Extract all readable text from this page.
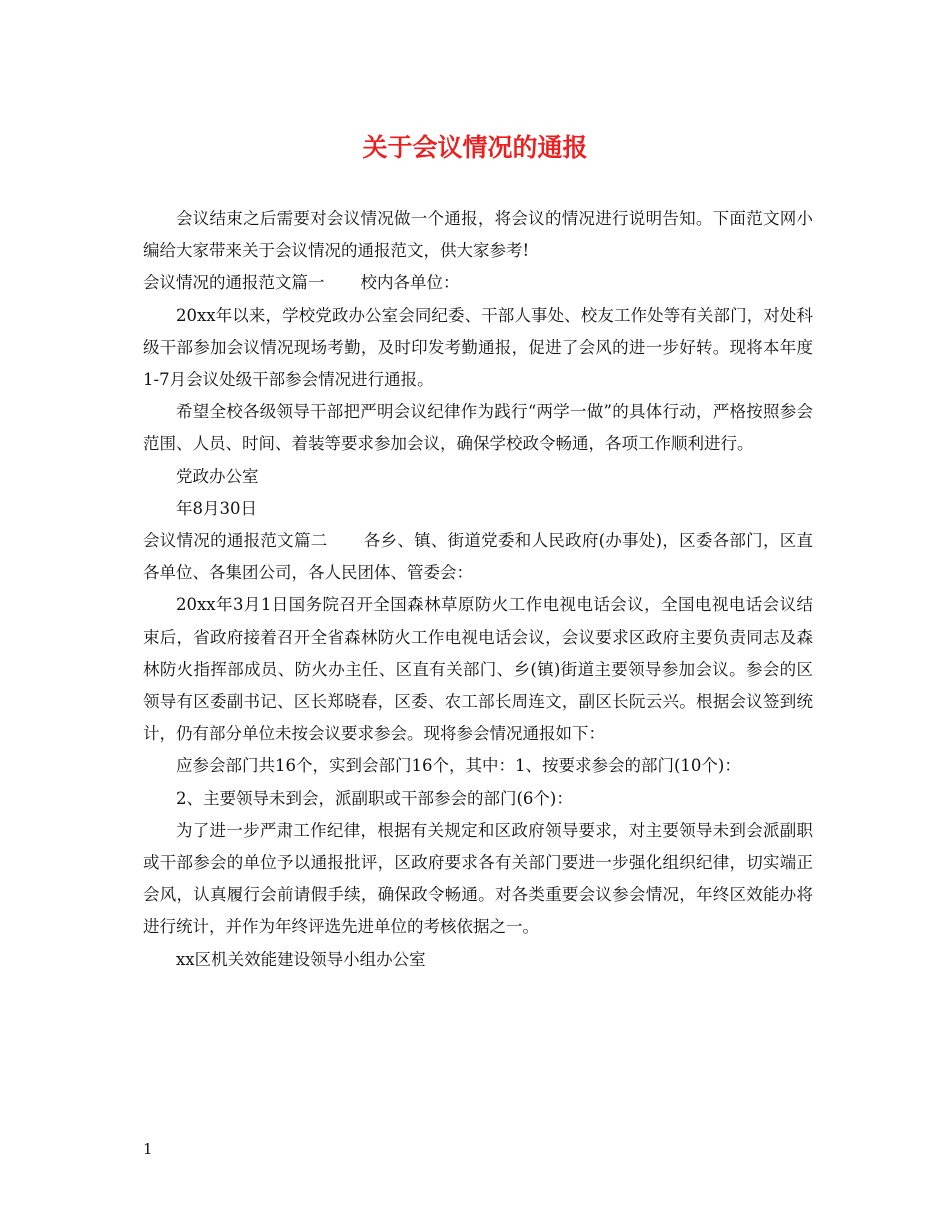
关于会议情况的通报

会议结束之后需要对会议情况做一个通报，将会议的情况进行说明告知。下面范文网小编给大家带来关于会议情况的通报范文，供大家参考!

会议情况的通报范文篇一 校内各单位：

20xx年以来，学校党政办公室会同纪委、干部人事处、校友工作处等有关部门，对处科级干部参加会议情况现场考勤，及时印发考勤通报，促进了会风的进一步好转。现将本年度1-7月会议处级干部参会情况进行通报。

希望全校各级领导干部把严明会议纪律作为践行“两学一做”的具体行动，严格按照参会范围、人员、时间、着装等要求参加会议，确保学校政令畅通，各项工作顺利进行。

党政办公室

年8月30日

会议情况的通报范文篇二 各乡、镇、街道党委和人民政府(办事处)，区委各部门，区直各单位、各集团公司，各人民团体、管委会：

20xx年3月1日国务院召开全国森林草原防火工作电视电话会议，全国电视电话会议结束后，省政府接着召开全省森林防火工作电视电话会议，会议要求区政府主要负责同志及森林防火指挥部成员、防火办主任、区直有关部门、乡(镇)街道主要领导参加会议。参会的区领导有区委副书记、区长郑晓春，区委、农工部长周连文，副区长阮云兴。根据会议签到统计，仍有部分单位未按会议要求参会。现将参会情况通报如下：

应参会部门共16个，实到会部门16个，其中：1、按要求参会的部门(10个)：

2、主要领导未到会，派副职或干部参会的部门(6个)：

为了进一步严肃工作纪律，根据有关规定和区政府领导要求，对主要领导未到会派副职或干部参会的单位予以通报批评，区政府要求各有关部门要进一步强化组织纪律，切实端正会风，认真履行会前请假手续，确保政令畅通。对各类重要会议参会情况，年终区效能办将进行统计，并作为年终评选先进单位的考核依据之一。

xx区机关效能建设领导小组办公室

1
